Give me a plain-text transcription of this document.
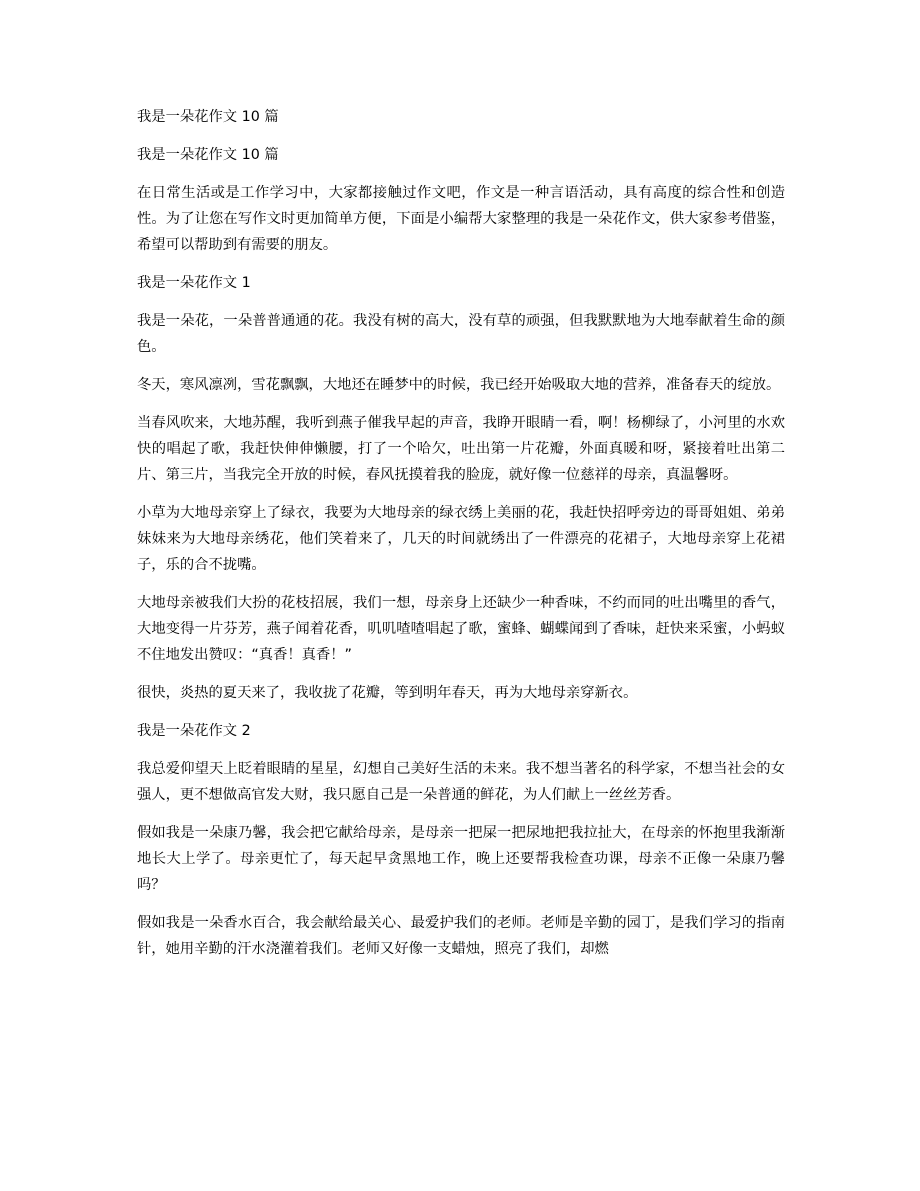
我是一朵花作文 10 篇

我是一朵花作文 10 篇

在日常生活或是工作学习中，大家都接触过作文吧，作文是一种言语活动，具有高度的综合性和创造性。为了让您在写作文时更加简单方便，下面是小编帮大家整理的我是一朵花作文，供大家参考借鉴，希望可以帮助到有需要的朋友。

我是一朵花作文 1

我是一朵花，一朵普普通通的花。我没有树的高大，没有草的顽强，但我默默地为大地奉献着生命的颜色。

冬天，寒风凛冽，雪花飘飘，大地还在睡梦中的时候，我已经开始吸取大地的营养，准备春天的绽放。

当春风吹来，大地苏醒，我听到燕子催我早起的声音，我睁开眼睛一看，啊！杨柳绿了，小河里的水欢快的唱起了歌，我赶快伸伸懒腰，打了一个哈欠，吐出第一片花瓣，外面真暖和呀，紧接着吐出第二片、第三片，当我完全开放的时候，春风抚摸着我的脸庞，就好像一位慈祥的母亲，真温馨呀。

小草为大地母亲穿上了绿衣，我要为大地母亲的绿衣绣上美丽的花，我赶快招呼旁边的哥哥姐姐、弟弟妹妹来为大地母亲绣花，他们笑着来了，几天的时间就绣出了一件漂亮的花裙子，大地母亲穿上花裙子，乐的合不拢嘴。

大地母亲被我们大扮的花枝招展，我们一想，母亲身上还缺少一种香味，不约而同的吐出嘴里的香气，大地变得一片芬芳，燕子闻着花香，叽叽喳喳唱起了歌，蜜蜂、蝴蝶闻到了香味，赶快来采蜜，小蚂蚁不住地发出赞叹：“真香！真香！”

很快，炎热的夏天来了，我收拢了花瓣，等到明年春天，再为大地母亲穿新衣。

我是一朵花作文 2

我总爱仰望天上眨着眼睛的星星，幻想自己美好生活的未来。我不想当著名的科学家，不想当社会的女强人，更不想做高官发大财，我只愿自己是一朵普通的鲜花，为人们献上一丝丝芳香。

假如我是一朵康乃馨，我会把它献给母亲，是母亲一把屎一把尿地把我拉扯大，在母亲的怀抱里我渐渐地长大上学了。母亲更忙了，每天起早贪黑地工作，晚上还要帮我检查功课，母亲不正像一朵康乃馨吗？

假如我是一朵香水百合，我会献给最关心、最爱护我们的老师。老师是辛勤的园丁，是我们学习的指南针，她用辛勤的汗水浇灌着我们。老师又好像一支蜡烛，照亮了我们，却燃
